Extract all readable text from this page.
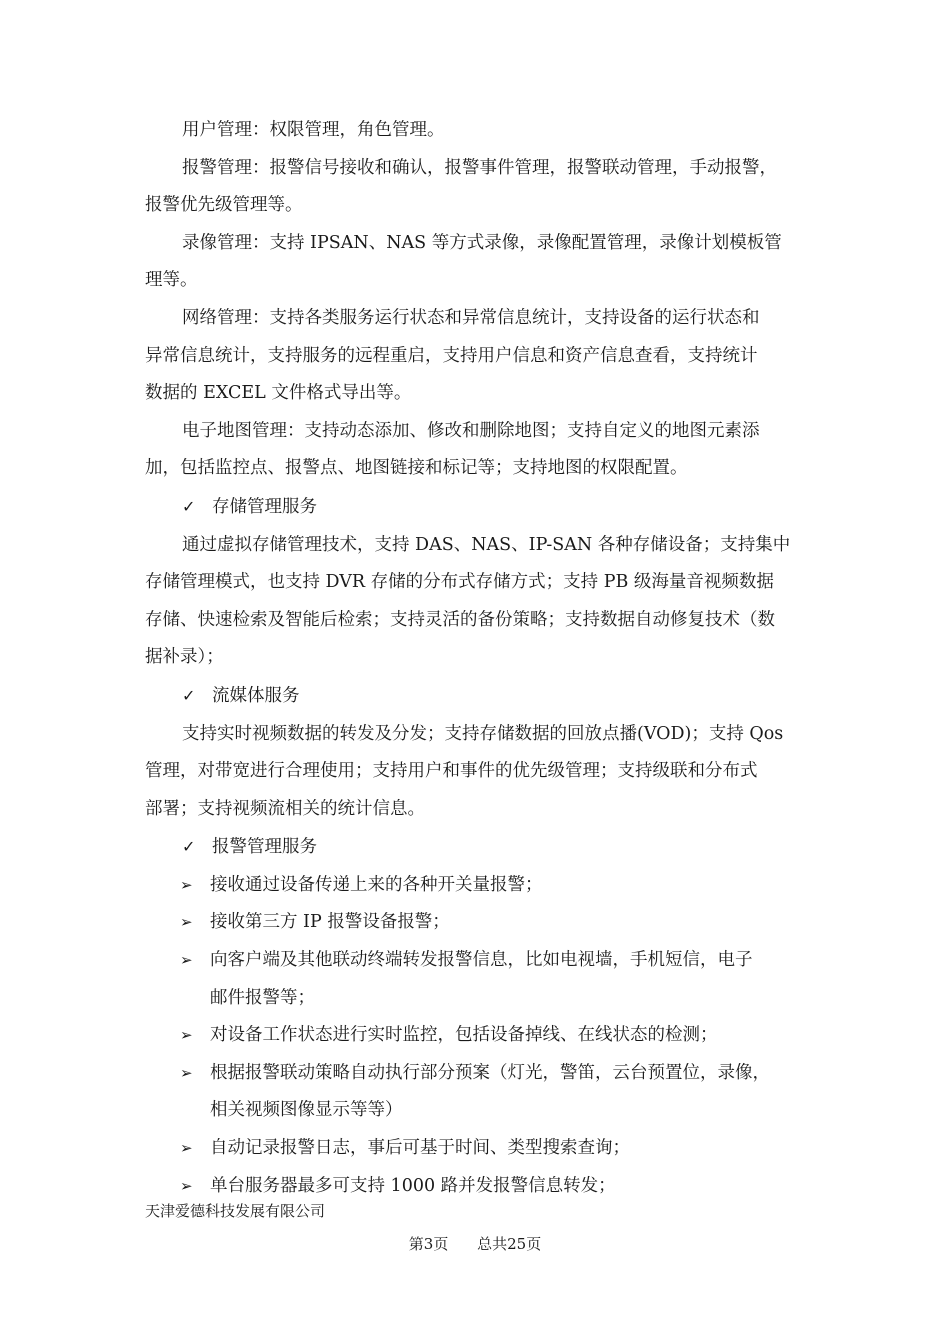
用户管理：权限管理，角色管理。
报警管理：报警信号接收和确认，报警事件管理，报警联动管理，手动报警，
报警优先级管理等。
录像管理：支持 IPSAN、NAS 等方式录像，录像配置管理，录像计划模板管
理等。
网络管理：支持各类服务运行状态和异常信息统计，支持设备的运行状态和
异常信息统计，支持服务的远程重启，支持用户信息和资产信息查看，支持统计
数据的 EXCEL 文件格式导出等。
电子地图管理：支持动态添加、修改和删除地图；支持自定义的地图元素添
加，包括监控点、报警点、地图链接和标记等；支持地图的权限配置。
✓ 存储管理服务
通过虚拟存储管理技术，支持 DAS、NAS、IP-SAN 各种存储设备；支持集中
存储管理模式，也支持 DVR 存储的分布式存储方式；支持 PB 级海量音视频数据
存储、快速检索及智能后检索；支持灵活的备份策略；支持数据自动修复技术（数
据补录）；
✓ 流媒体服务
支持实时视频数据的转发及分发；支持存储数据的回放点播(VOD)；支持 Qos
管理，对带宽进行合理使用；支持用户和事件的优先级管理；支持级联和分布式
部署；支持视频流相关的统计信息。
✓ 报警管理服务
➢ 接收通过设备传递上来的各种开关量报警；
➢ 接收第三方 IP 报警设备报警；
➢ 向客户端及其他联动终端转发报警信息，比如电视墙，手机短信，电子
邮件报警等；
➢ 对设备工作状态进行实时监控，包括设备掉线、在线状态的检测；
➢ 根据报警联动策略自动执行部分预案（灯光，警笛，云台预置位，录像，
相关视频图像显示等等）
➢ 自动记录报警日志，事后可基于时间、类型搜索查询；
➢ 单台服务器最多可支持 1000 路并发报警信息转发；
天津爱德科技发展有限公司
第3页 总共25页
